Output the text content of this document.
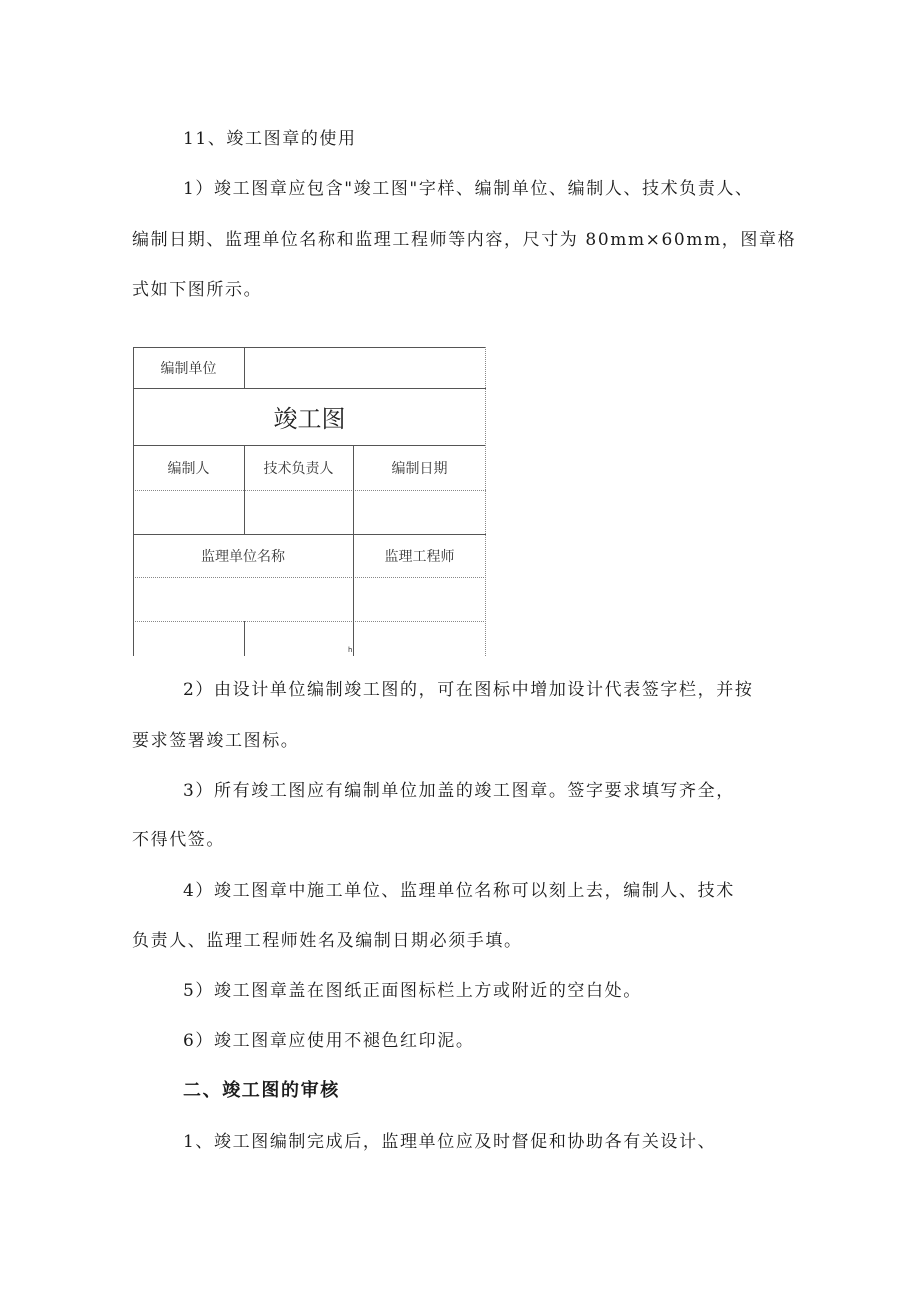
11、竣工图章的使用
1）竣工图章应包含"竣工图"字样、编制单位、编制人、技术负责人、
编制日期、监理单位名称和监理工程师等内容，尺寸为 80mm×60mm，图章格
式如下图所示。
编制单位
竣工图
编制人	技术负责人	编制日期
监理单位名称	监理工程师
h
2）由设计单位编制竣工图的，可在图标中增加设计代表签字栏，并按
要求签署竣工图标。
3）所有竣工图应有编制单位加盖的竣工图章。签字要求填写齐全，
不得代签。
4）竣工图章中施工单位、监理单位名称可以刻上去，编制人、技术
负责人、监理工程师姓名及编制日期必须手填。
5）竣工图章盖在图纸正面图标栏上方或附近的空白处。
6）竣工图章应使用不褪色红印泥。
二、竣工图的审核
1、竣工图编制完成后，监理单位应及时督促和协助各有关设计、
